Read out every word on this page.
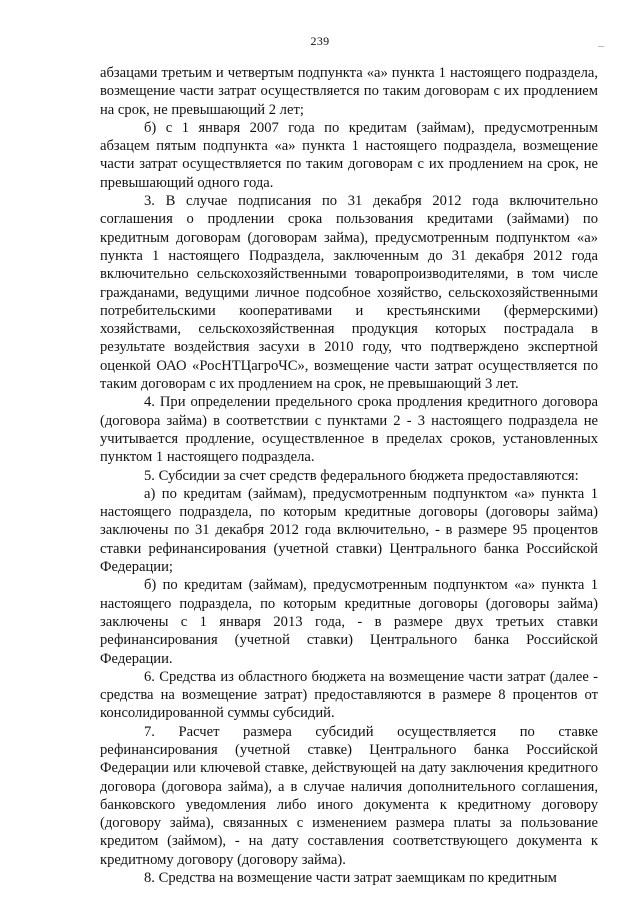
239	...

абзацами третьим и четвертым подпункта «а» пункта 1 настоящего подраздела, возмещение части затрат осуществляется по таким договорам с их продлением на срок, не превышающий 2 лет;

б) с 1 января 2007 года по кредитам (займам), предусмотренным абзацем пятым подпункта «а» пункта 1 настоящего подраздела, возмещение части затрат осуществляется по таким договорам с их продлением на срок, не превышающий одного года.

3. В случае подписания по 31 декабря 2012 года включительно соглашения о продлении срока пользования кредитами (займами) по кредитным договорам (договорам займа), предусмотренным подпунктом «а» пункта 1 настоящего Подраздела, заключенным до 31 декабря 2012 года включительно сельскохозяйственными товаропроизводителями, в том числе гражданами, ведущими личное подсобное хозяйство, сельскохозяйственными потребительскими кооперативами и крестьянскими (фермерскими) хозяйствами, сельскохозяйственная продукция которых пострадала в результате воздействия засухи в 2010 году, что подтверждено экспертной оценкой ОАО «РосНТЦагроЧС», возмещение части затрат осуществляется по таким договорам с их продлением на срок, не превышающий 3 лет.

4. При определении предельного срока продления кредитного договора (договора займа) в соответствии с пунктами 2 - 3 настоящего подраздела не учитывается продление, осуществленное в пределах сроков, установленных пунктом 1 настоящего подраздела.

5. Субсидии за счет средств федерального бюджета предоставляются:

а) по кредитам (займам), предусмотренным подпунктом «а» пункта 1 настоящего подраздела, по которым кредитные договоры (договоры займа) заключены по 31 декабря 2012 года включительно, - в размере 95 процентов ставки рефинансирования (учетной ставки) Центрального банка Российской Федерации;

б) по кредитам (займам), предусмотренным подпунктом «а» пункта 1 настоящего подраздела, по которым кредитные договоры (договоры займа) заключены с 1 января 2013 года, - в размере двух третьих ставки рефинансирования (учетной ставки) Центрального банка Российской Федерации.

6. Средства из областного бюджета на возмещение части затрат (далее - средства на возмещение затрат) предоставляются в размере 8 процентов от консолидированной суммы субсидий.

7. Расчет размера субсидий осуществляется по ставке рефинансирования (учетной ставке) Центрального банка Российской Федерации или ключевой ставке, действующей на дату заключения кредитного договора (договора займа), а в случае наличия дополнительного соглашения, банковского уведомления либо иного документа к кредитному договору (договору займа), связанных с изменением размера платы за пользование кредитом (займом), - на дату составления соответствующего документа к кредитному договору (договору займа).

8. Средства на возмещение части затрат заемщикам по кредитным
